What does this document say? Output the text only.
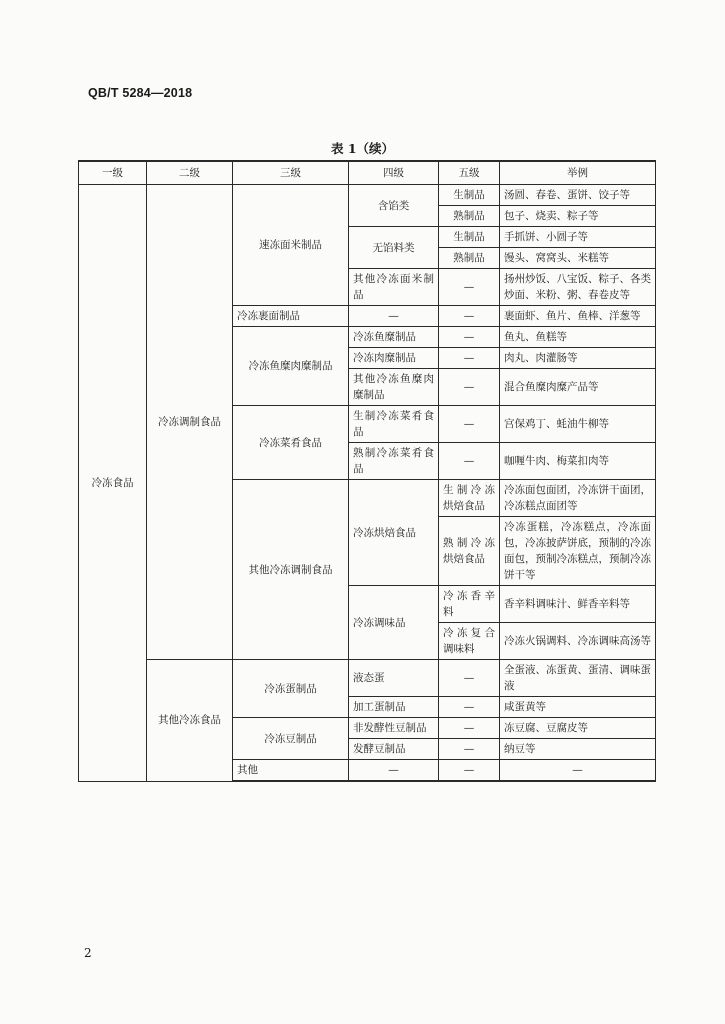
QB/T 5284—2018
表 1（续）
一级	二级	三级	四级	五级	举例
冷冻食品	冷冻调制食品	速冻面米制品	含馅类	生制品	汤圆、春卷、蛋饼、饺子等
				熟制品	包子、烧卖、粽子等
			无馅料类	生制品	手抓饼、小圆子等
				熟制品	馒头、窝窝头、米糕等
			其他冷冻面米制品	—	扬州炒饭、八宝饭、粽子、各类炒面、米粉、粥、春卷皮等
		冷冻裹面制品	—	—	裹面虾、鱼片、鱼棒、洋葱等
		冷冻鱼糜肉糜制品	冷冻鱼糜制品	—	鱼丸、鱼糕等
			冷冻肉糜制品	—	肉丸、肉灌肠等
			其他冷冻鱼糜肉糜制品	—	混合鱼糜肉糜产品等
		冷冻菜肴食品	生制冷冻菜肴食品	—	宫保鸡丁、蚝油牛柳等
			熟制冷冻菜肴食品	—	咖喱牛肉、梅菜扣肉等
		其他冷冻调制食品	冷冻烘焙食品	生制冷冻烘焙食品	冷冻面包面团，冷冻饼干面团，冷冻糕点面团等

				熟制冷冻烘焙食品	冷冻蛋糕，冷冻糕点，冷冻面包，冷冻披萨饼底，预制的冷冻面包，预制冷冻糕点，预制冷冻饼干等

			冷冻调味品	冷冻香辛料	香辛料调味汁、鲜香辛料等

				冷冻复合调味料	冷冻火锅调料、冷冻调味高汤等

	其他冷冻食品	冷冻蛋制品	液态蛋	—	全蛋液、冻蛋黄、蛋清、调味蛋液
			加工蛋制品	—	咸蛋黄等
		冷冻豆制品	非发酵性豆制品	—	冻豆腐、豆腐皮等
			发酵豆制品	—	纳豆等
		其他	—	—	—
2
